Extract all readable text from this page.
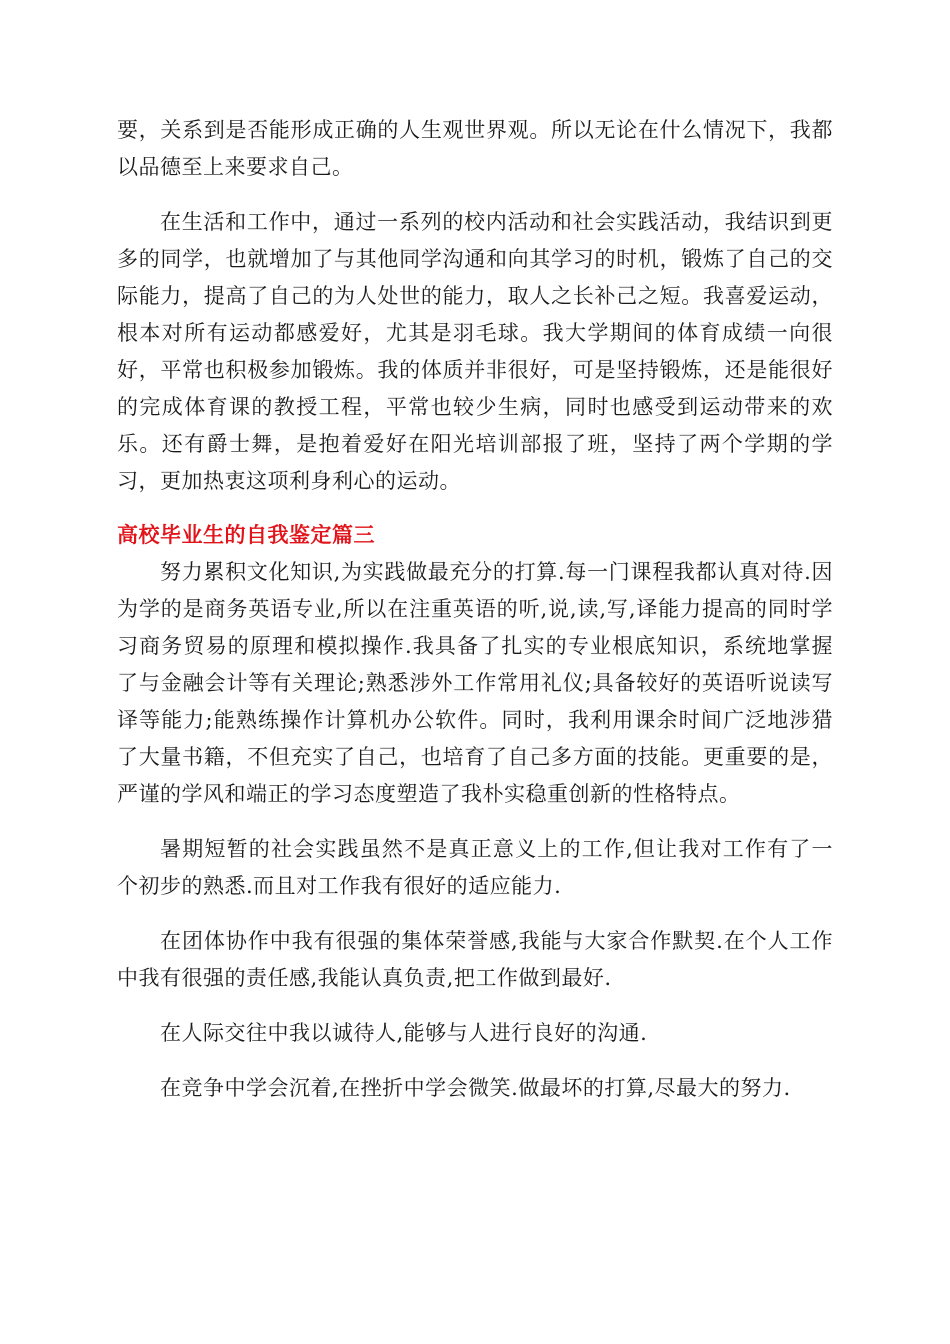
要，关系到是否能形成正确的人生观世界观。所以无论在什么情况下，我都以品德至上来要求自己。

在生活和工作中，通过一系列的校内活动和社会实践活动，我结识到更多的同学，也就增加了与其他同学沟通和向其学习的时机，锻炼了自己的交际能力，提高了自己的为人处世的能力，取人之长补己之短。我喜爱运动，根本对所有运动都感爱好，尤其是羽毛球。我大学期间的体育成绩一向很好，平常也积极参加锻炼。我的体质并非很好，可是坚持锻炼，还是能很好的完成体育课的教授工程，平常也较少生病，同时也感受到运动带来的欢乐。还有爵士舞，是抱着爱好在阳光培训部报了班，坚持了两个学期的学习，更加热衷这项利身利心的运动。

高校毕业生的自我鉴定篇三

努力累积文化知识,为实践做最充分的打算.每一门课程我都认真对待.因为学的是商务英语专业,所以在注重英语的听,说,读,写,译能力提高的同时学习商务贸易的原理和模拟操作.我具备了扎实的专业根底知识，系统地掌握了与金融会计等有关理论;熟悉涉外工作常用礼仪;具备较好的英语听说读写译等能力;能熟练操作计算机办公软件。同时，我利用课余时间广泛地涉猎了大量书籍，不但充实了自己，也培育了自己多方面的技能。更重要的是，严谨的学风和端正的学习态度塑造了我朴实稳重创新的性格特点。

暑期短暂的社会实践虽然不是真正意义上的工作,但让我对工作有了一个初步的熟悉.而且对工作我有很好的适应能力.

在团体协作中我有很强的集体荣誉感,我能与大家合作默契.在个人工作中我有很强的责任感,我能认真负责,把工作做到最好.

在人际交往中我以诚待人,能够与人进行良好的沟通.

在竞争中学会沉着,在挫折中学会微笑.做最坏的打算,尽最大的努力.
